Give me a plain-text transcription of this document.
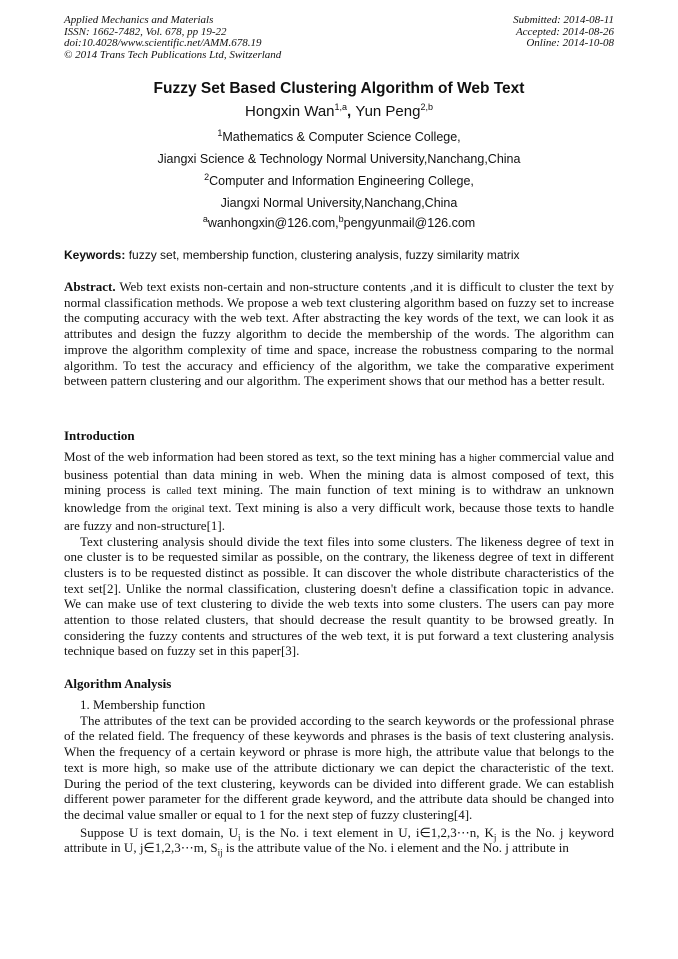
Applied Mechanics and Materials
ISSN: 1662-7482, Vol. 678, pp 19-22
doi:10.4028/www.scientific.net/AMM.678.19
© 2014 Trans Tech Publications Ltd, Switzerland
Submitted: 2014-08-11
Accepted: 2014-08-26
Online: 2014-10-08
Fuzzy Set Based Clustering Algorithm of Web Text
Hongxin Wan$^{1,a}$, Yun Peng$^{2,b}$
$^1$Mathematics & Computer Science College,
Jiangxi Science & Technology Normal University,Nanchang,China
$^2$Computer and Information Engineering College,
Jiangxi Normal University,Nanchang,China
$^a$wanhongxin@126.com,$^b$pengyunmail@126.com
Keywords: fuzzy set, membership function, clustering analysis, fuzzy similarity matrix

Abstract. Web text exists non-certain and non-structure contents ,and it is difficult to cluster the text by normal classification methods. We propose a web text clustering algorithm based on fuzzy set to increase the computing accuracy with the web text. After abstracting the key words of the text, we can look it as attributes and design the fuzzy algorithm to decide the membership of the words. The algorithm can improve the algorithm complexity of time and space, increase the robustness comparing to the normal algorithm. To test the accuracy and efficiency of the algorithm, we take the comparative experiment between pattern clustering and our algorithm. The experiment shows that our method has a better result.

Introduction

Most of the web information had been stored as text, so the text mining has a higher commercial value and business potential than data mining in web. When the mining data is almost composed of text, this mining process is called text mining. The main function of text mining is to withdraw an unknown knowledge from the original text. Text mining is also a very difficult work, because those texts to handle are fuzzy and non-structure[1].

Text clustering analysis should divide the text files into some clusters. The likeness degree of text in one cluster is to be requested similar as possible, on the contrary, the likeness degree of text in different clusters is to be requested distinct as possible. It can discover the whole distribute characteristics of the text set[2]. Unlike the normal classification, clustering doesn't define a classification topic in advance. We can make use of text clustering to divide the web texts into some clusters. The users can pay more attention to those related clusters, that should decrease the result quantity to be browsed greatly. In considering the fuzzy contents and structures of the web text, it is put forward a text clustering analysis technique based on fuzzy set in this paper[3].

Algorithm Analysis

1. Membership function

The attributes of the text can be provided according to the search keywords or the professional phrase of the related field. The frequency of these keywords and phrases is the basis of text clustering analysis. When the frequency of a certain keyword or phrase is more high, the attribute value that belongs to the text is more high, so make use of the attribute dictionary we can depict the characteristic of the text. During the period of the text clustering, keywords can be divided into different grade. We can establish different power parameter for the different grade keyword, and the attribute data should be changed into the decimal value smaller or equal to 1 for the next step of fuzzy clustering[4].

Suppose U is text domain, $U_i$ is the No. i text element in U, i∈1,2,3⋯n, $K_j$ is the No. j keyword attribute in U, j∈1,2,3⋯m, $S_{ij}$ is the attribute value of the No. i element and the No. j attribute in
